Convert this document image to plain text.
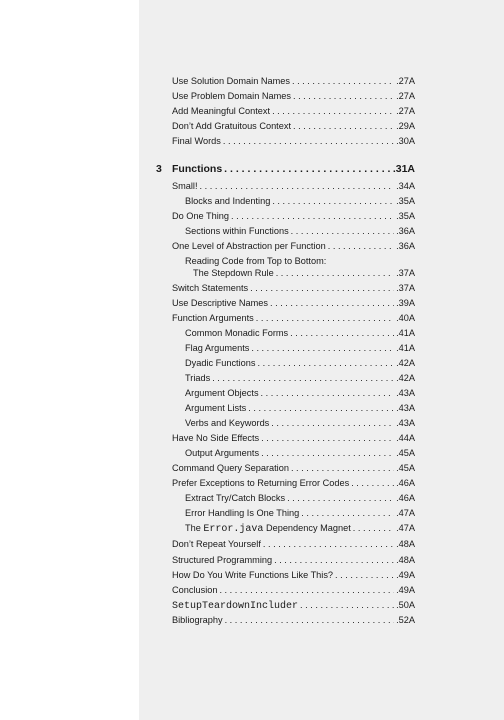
Use Solution Domain Names . . .	.27A
Use Problem Domain Names . . .	.27A
Add Meaningful Context . . .	.27A
Don’t Add Gratuitous Context . . .	.29A
Final Words . . .	.30A
3 Functions . . .	.31A
Small! . . .	.34A
Blocks and Indenting . . .	.35A
Do One Thing . . .	.35A
Sections within Functions . . .	.36A
One Level of Abstraction per Function . . .	.36A
Reading Code from Top to Bottom:
The Stepdown Rule . . .	.37A
Switch Statements . . .	.37A
Use Descriptive Names . . .	.39A
Function Arguments . . .	.40A
Common Monadic Forms . . .	.41A
Flag Arguments . . .	.41A
Dyadic Functions . . .	.42A
Triads . . .	.42A
Argument Objects . . .	.43A
Argument Lists . . .	.43A
Verbs and Keywords . . .	.43A
Have No Side Effects . . .	.44A
Output Arguments . . .	.45A
Command Query Separation . . .	.45A
Prefer Exceptions to Returning Error Codes . . .	.46A
Extract Try/Catch Blocks . . .	.46A
Error Handling Is One Thing . . .	.47A
The Error.java Dependency Magnet . . .	.47A
Don’t Repeat Yourself . . .	.48A
Structured Programming . . .	.48A
How Do You Write Functions Like This? . . .	.49A
Conclusion . . .	.49A
SetupTeardownIncluder . . .	.50A
Bibliography . . .	.52A
